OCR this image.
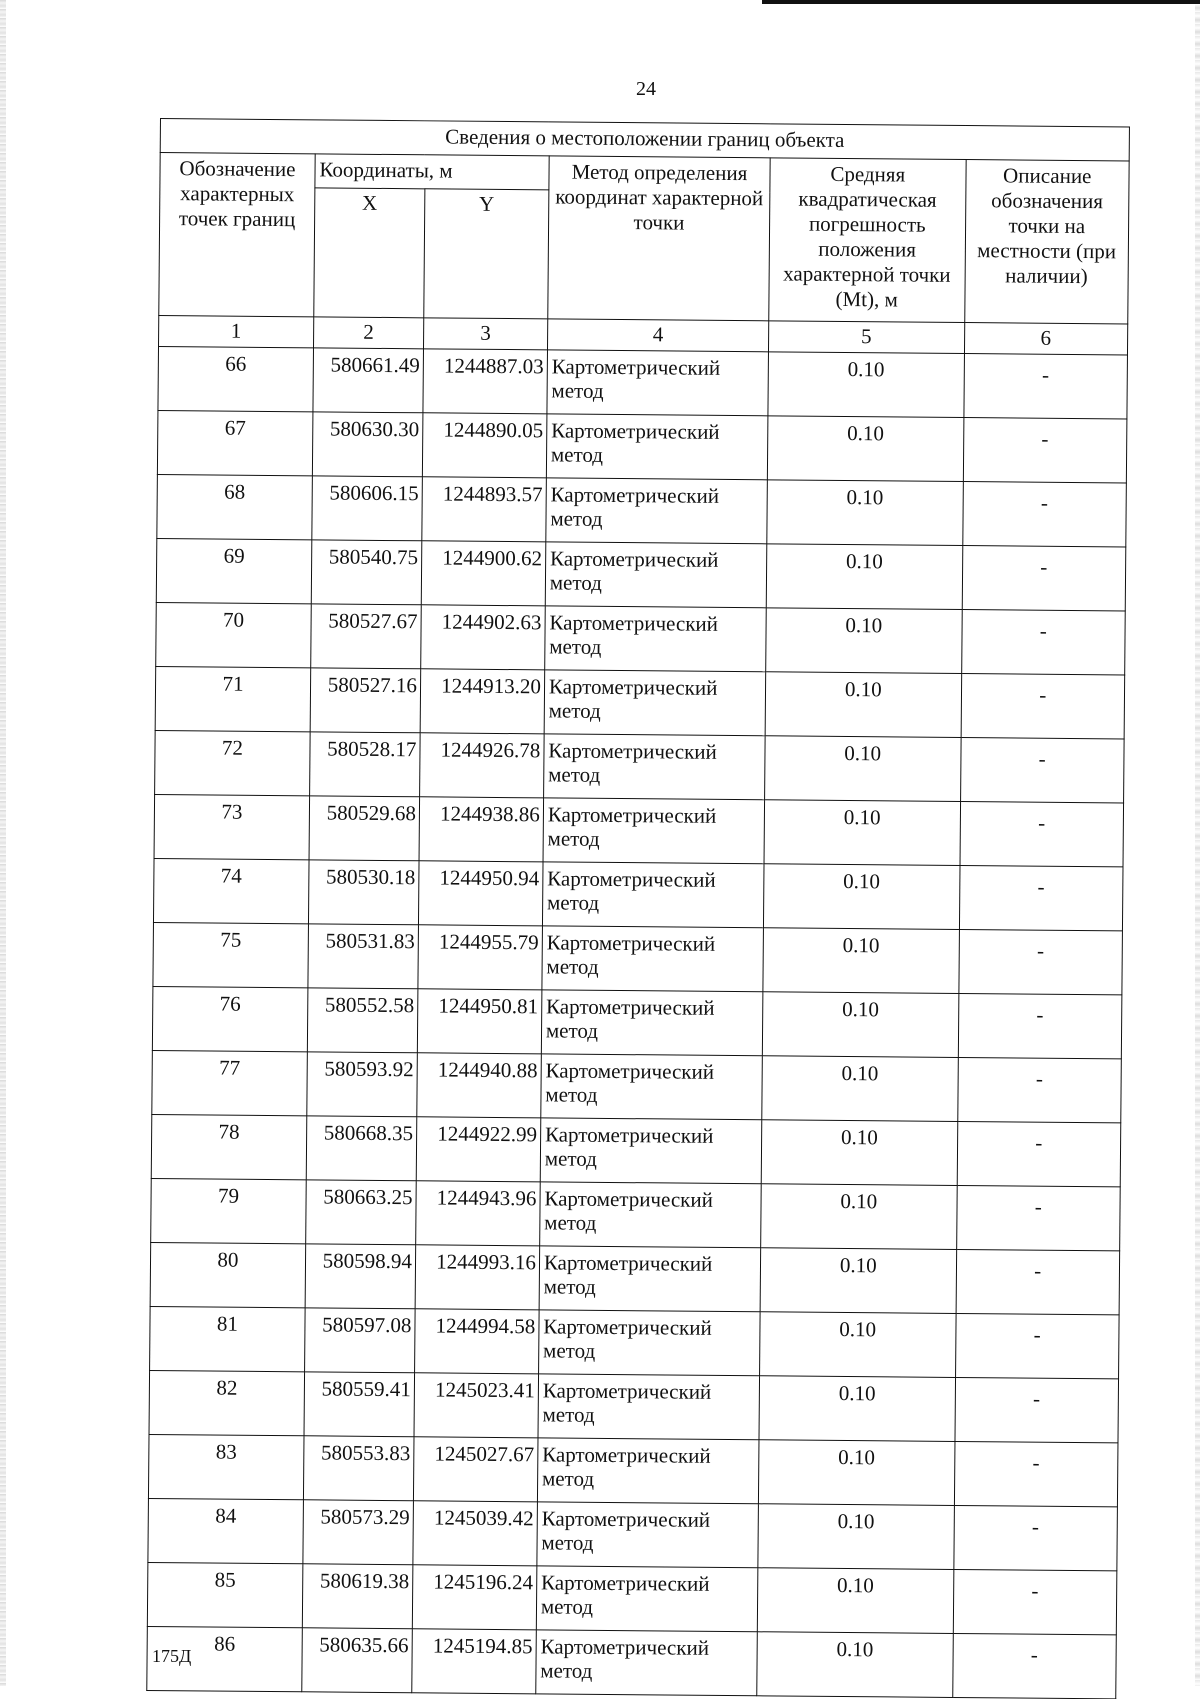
24
Сведения о местоположении границ объекта					
Обозначение характерных точек границ	Координаты, м		Метод определения координат характерной точки	Средняя квадратическая погрешность положения характерной точки (Mt), м	Описание обозначения точки на местности (при наличии)
	X	Y			
1	2	3	4	5	6
66	580661.49	1244887.03	Картометрический метод	0.10	-
67	580630.30	1244890.05	Картометрический метод	0.10	-
68	580606.15	1244893.57	Картометрический метод	0.10	-
69	580540.75	1244900.62	Картометрический метод	0.10	-
70	580527.67	1244902.63	Картометрический метод	0.10	-
71	580527.16	1244913.20	Картометрический метод	0.10	-
72	580528.17	1244926.78	Картометрический метод	0.10	-
73	580529.68	1244938.86	Картометрический метод	0.10	-
74	580530.18	1244950.94	Картометрический метод	0.10	-
75	580531.83	1244955.79	Картометрический метод	0.10	-
76	580552.58	1244950.81	Картометрический метод	0.10	-
77	580593.92	1244940.88	Картометрический метод	0.10	-
78	580668.35	1244922.99	Картометрический метод	0.10	-
79	580663.25	1244943.96	Картометрический метод	0.10	-
80	580598.94	1244993.16	Картометрический метод	0.10	-
81	580597.08	1244994.58	Картометрический метод	0.10	-
82	580559.41	1245023.41	Картометрический метод	0.10	-
83	580553.83	1245027.67	Картометрический метод	0.10	-
84	580573.29	1245039.42	Картометрический метод	0.10	-
85	580619.38	1245196.24	Картометрический метод	0.10	-
86	580635.66	1245194.85	Картометрический метод	0.10	-
175Д
